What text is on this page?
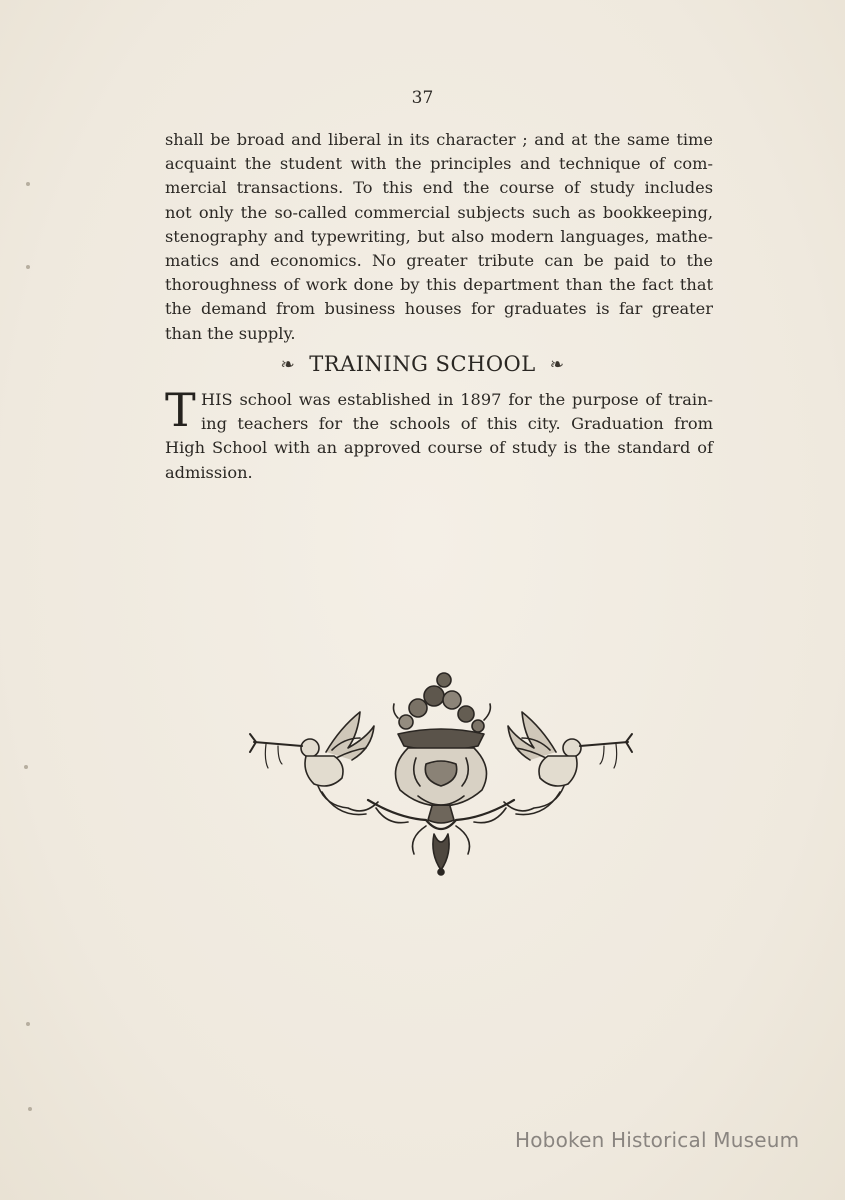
37
shall be broad and liberal in its character ; and at the same time
acquaint the student with the principles and technique of com-
mercial transactions. To this end the course of study includes
not only the so-called commercial subjects such as bookkeeping,
stenography and typewriting, but also modern languages, mathe-
matics and economics. No greater tribute can be paid to the
thoroughness of work done by this department than the fact that
the demand from business houses for graduates is far greater
than the supply.
❧ TRAINING SCHOOL ❧
T HIS school was established in 1897 for the purpose of train-
ing teachers for the schools of this city. Graduation from
High School with an approved course of study is the standard of
admission.
Hoboken Historical Museum
